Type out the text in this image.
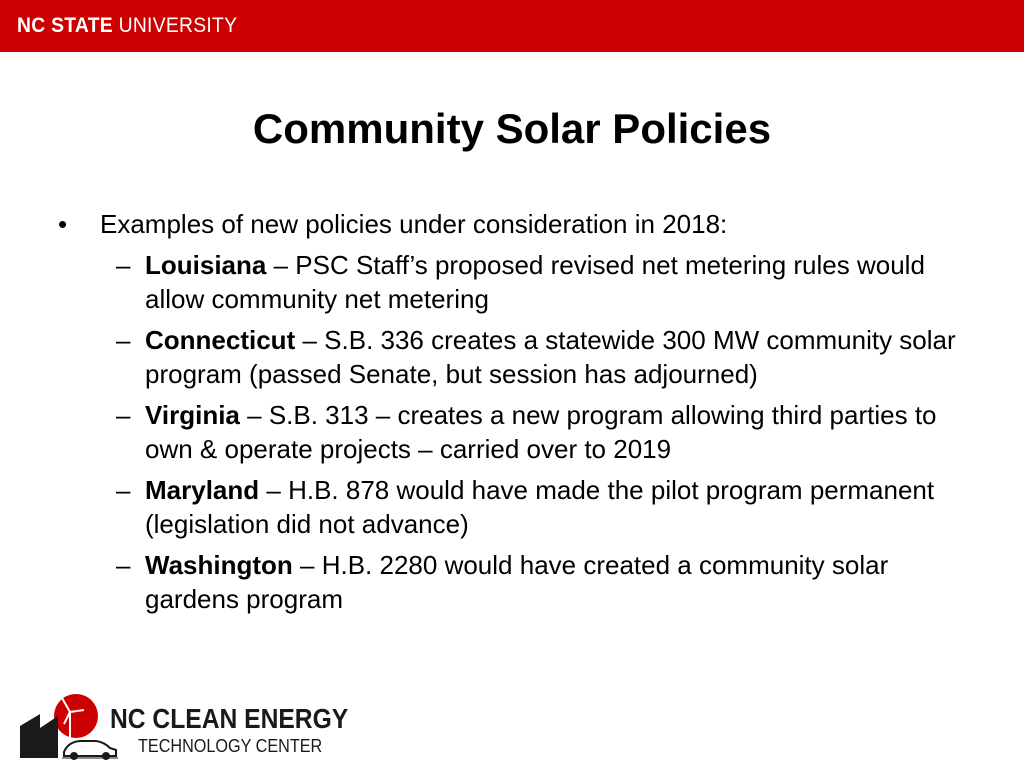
NC STATE UNIVERSITY
Community Solar Policies
• Examples of new policies under consideration in 2018:
– Louisiana – PSC Staff’s proposed revised net metering rules would allow community net metering
– Connecticut – S.B. 336 creates a statewide 300 MW community solar program (passed Senate, but session has adjourned)
– Virginia – S.B. 313 – creates a new program allowing third parties to own & operate projects – carried over to 2019
– Maryland – H.B. 878 would have made the pilot program permanent (legislation did not advance)
– Washington – H.B. 2280 would have created a community solar gardens program
NC CLEAN ENERGY
TECHNOLOGY CENTER
